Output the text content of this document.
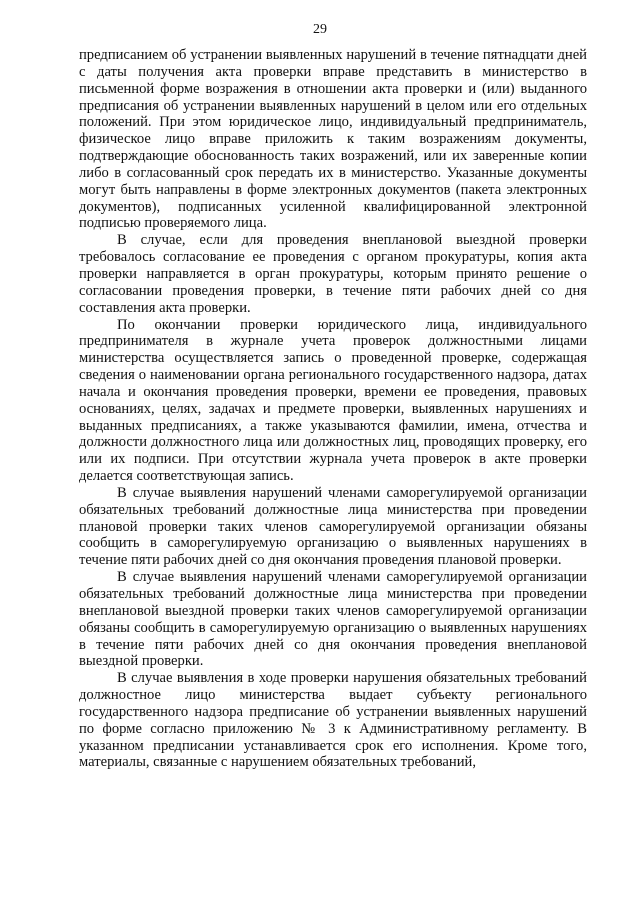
29

предписанием об устранении выявленных нарушений в течение пятнадцати дней с даты получения акта проверки вправе представить в министерство в письменной форме возражения в отношении акта проверки и (или) выданного предписания об устранении выявленных нарушений в целом или его отдельных положений. При этом юридическое лицо, индивидуальный предприниматель, физическое лицо вправе приложить к таким возражениям документы, подтверждающие обоснованность таких возражений, или их заверенные копии либо в согласованный срок передать их в министерство. Указанные документы могут быть направлены в форме электронных документов (пакета электронных документов), подписанных усиленной квалифицированной электронной подписью проверяемого лица.

В случае, если для проведения внеплановой выездной проверки требовалось согласование ее проведения с органом прокуратуры, копия акта проверки направляется в орган прокуратуры, которым принято решение о согласовании проведения проверки, в течение пяти рабочих дней со дня составления акта проверки.

По окончании проверки юридического лица, индивидуального предпринимателя в журнале учета проверок должностными лицами министерства осуществляется запись о проведенной проверке, содержащая сведения о наименовании органа регионального государственного надзора, датах начала и окончания проведения проверки, времени ее проведения, правовых основаниях, целях, задачах и предмете проверки, выявленных нарушениях и выданных предписаниях, а также указываются фамилии, имена, отчества и должности должностного лица или должностных лиц, проводящих проверку, его или их подписи. При отсутствии журнала учета проверок в акте проверки делается соответствующая запись.

В случае выявления нарушений членами саморегулируемой организации обязательных требований должностные лица министерства при проведении плановой проверки таких членов саморегулируемой организации обязаны сообщить в саморегулируемую организацию о выявленных нарушениях в течение пяти рабочих дней со дня окончания проведения плановой проверки.

В случае выявления нарушений членами саморегулируемой организации обязательных требований должностные лица министерства при проведении внеплановой выездной проверки таких членов саморегулируемой организации обязаны сообщить в саморегулируемую организацию о выявленных нарушениях в течение пяти рабочих дней со дня окончания проведения внеплановой выездной проверки.

В случае выявления в ходе проверки нарушения обязательных требований должностное лицо министерства выдает субъекту регионального государственного надзора предписание об устранении выявленных нарушений по форме согласно приложению № 3 к Административному регламенту. В указанном предписании устанавливается срок его исполнения. Кроме того, материалы, связанные с нарушением обязательных требований,
